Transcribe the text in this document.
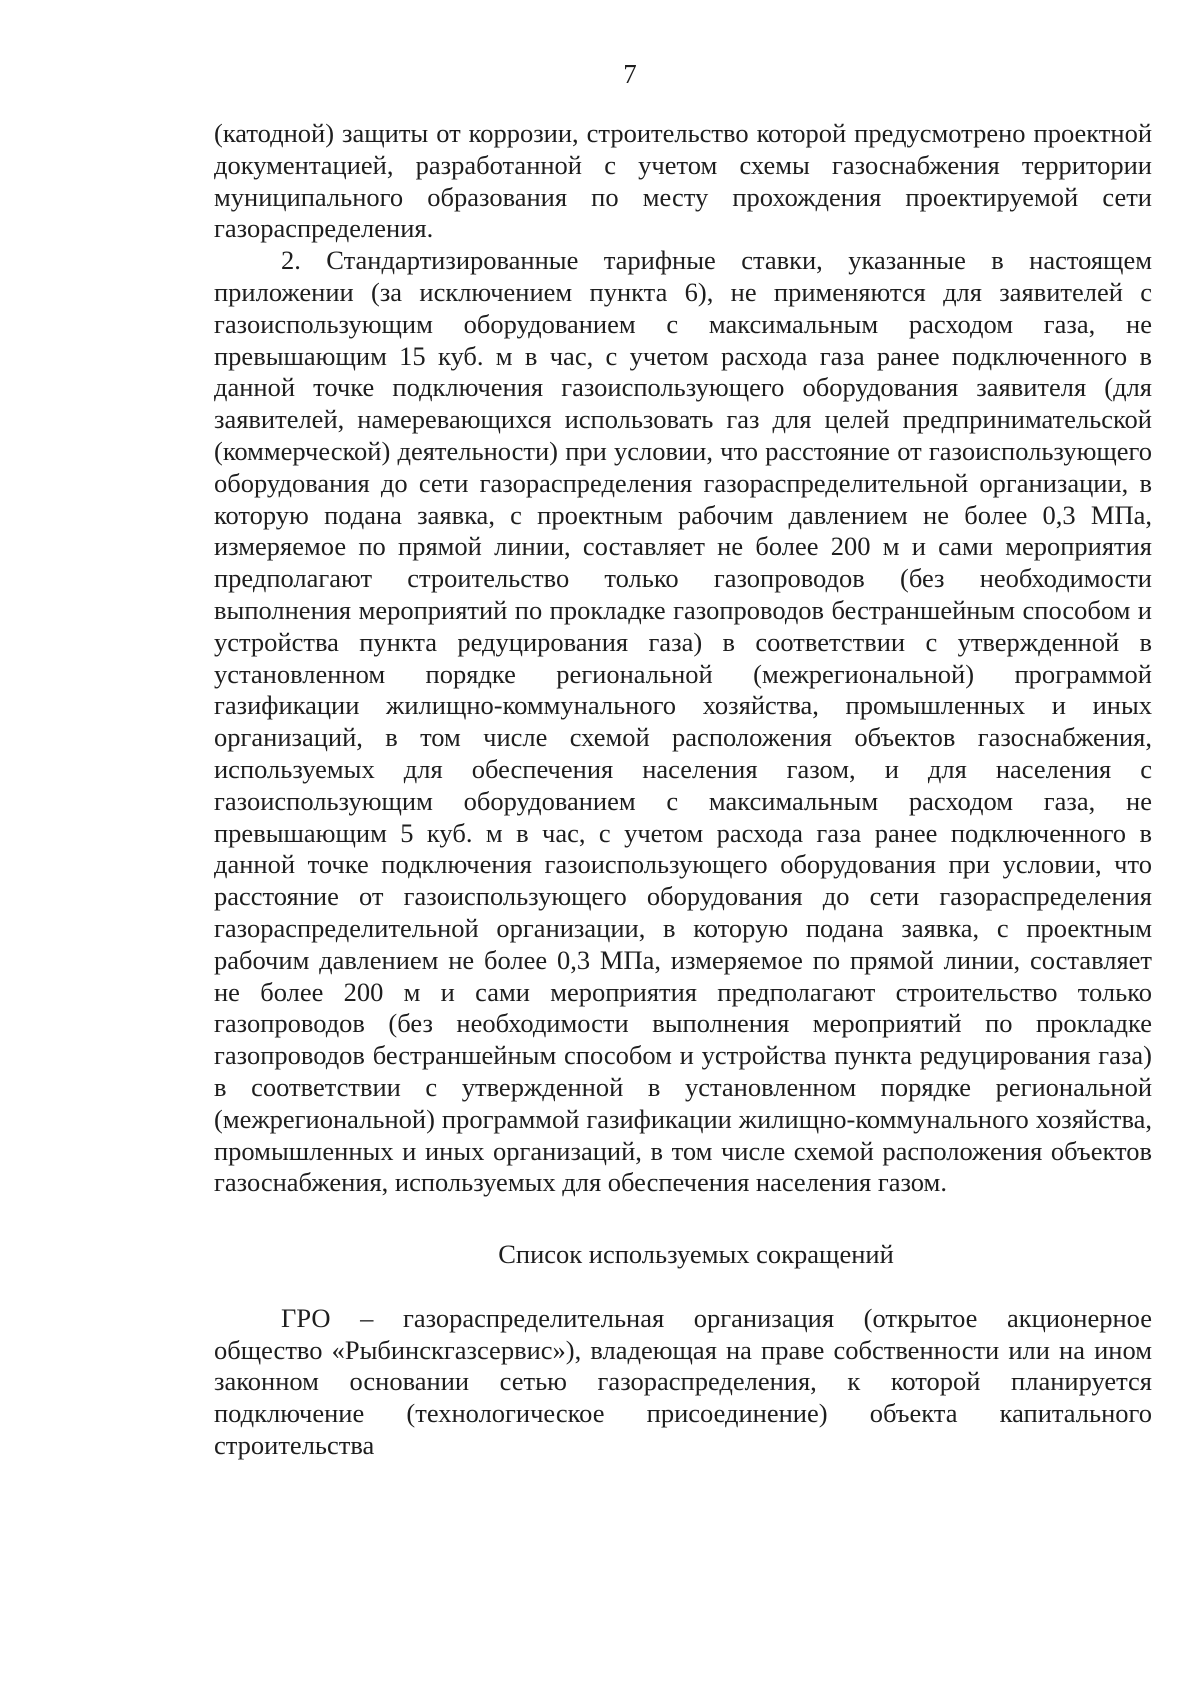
7

(катодной) защиты от коррозии, строительство которой предусмотрено проектной документацией, разработанной с учетом схемы газоснабжения территории муниципального образования по месту прохождения проектируемой сети газораспределения.

2. Стандартизированные тарифные ставки, указанные в настоящем приложении (за исключением пункта 6), не применяются для заявителей с газоиспользующим оборудованием с максимальным расходом газа, не превышающим 15 куб. м в час, с учетом расхода газа ранее подключенного в данной точке подключения газоиспользующего оборудования заявителя (для заявителей, намеревающихся использовать газ для целей предпринимательской (коммерческой) деятельности) при условии, что расстояние от газоиспользующего оборудования до сети газораспределения газораспределительной организации, в которую подана заявка, с проектным рабочим давлением не более 0,3 МПа, измеряемое по прямой линии, составляет не более 200 м и сами мероприятия предполагают строительство только газопроводов (без необходимости выполнения мероприятий по прокладке газопроводов бестраншейным способом и устройства пункта редуцирования газа) в соответствии с утвержденной в установленном порядке региональной (межрегиональной) программой газификации жилищно-коммунального хозяйства, промышленных и иных организаций, в том числе схемой расположения объектов газоснабжения, используемых для обеспечения населения газом, и для населения с газоиспользующим оборудованием с максимальным расходом газа, не превышающим 5 куб. м в час, с учетом расхода газа ранее подключенного в данной точке подключения газоиспользующего оборудования при условии, что расстояние от газоиспользующего оборудования до сети газораспределения газораспределительной организации, в которую подана заявка, с проектным рабочим давлением не более 0,3 МПа, измеряемое по прямой линии, составляет не более 200 м и сами мероприятия предполагают строительство только газопроводов (без необходимости выполнения мероприятий по прокладке газопроводов бестраншейным способом и устройства пункта редуцирования газа) в соответствии с утвержденной в установленном порядке региональной (межрегиональной) программой газификации жилищно-коммунального хозяйства, промышленных и иных организаций, в том числе схемой расположения объектов газоснабжения, используемых для обеспечения населения газом.

Список используемых сокращений

ГРО – газораспределительная организация (открытое акционерное общество «Рыбинскгазсервис»), владеющая на праве собственности или на ином законном основании сетью газораспределения, к которой планируется подключение (технологическое присоединение) объекта капитального строительства
